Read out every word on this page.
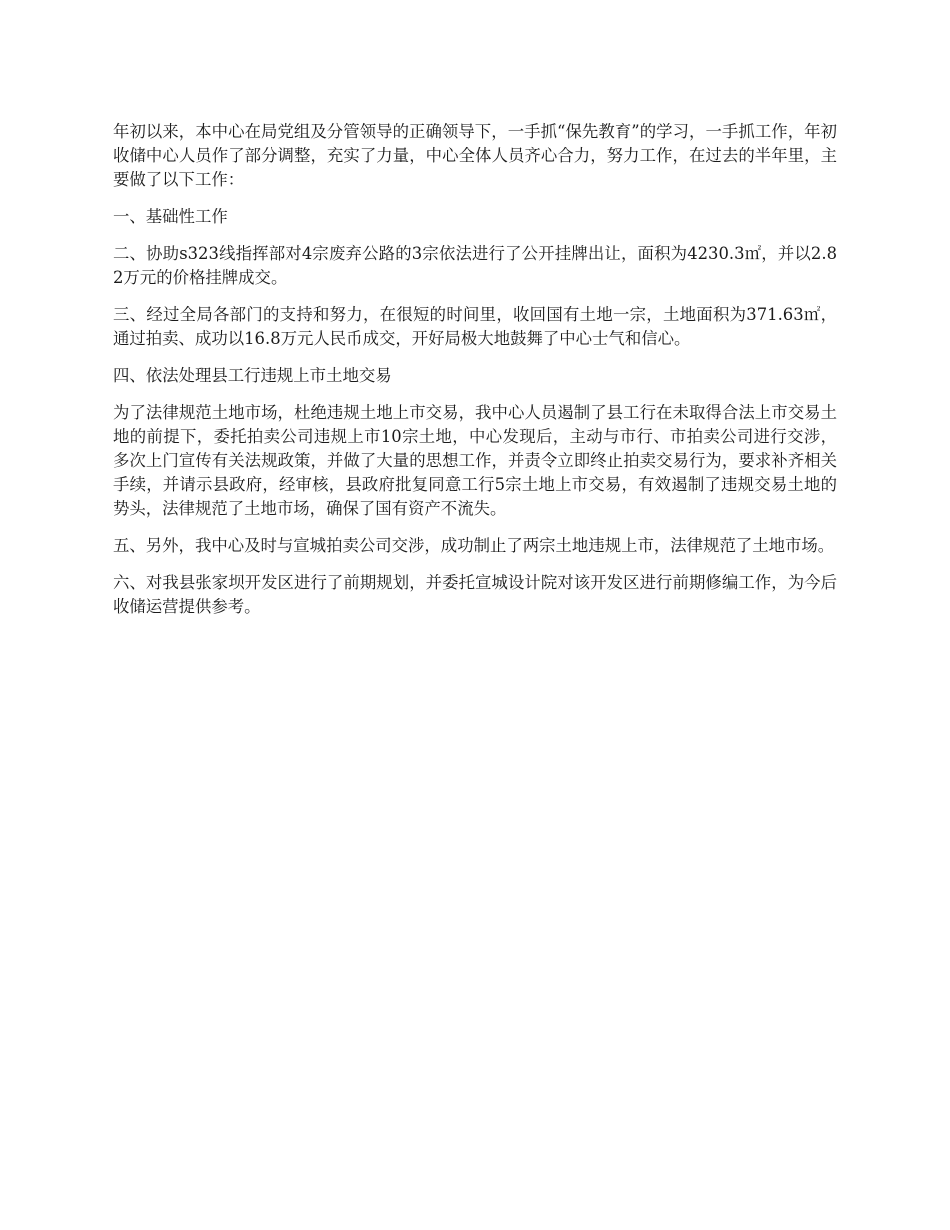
年初以来，本中心在局党组及分管领导的正确领导下，一手抓“保先教育”的学习，一手抓工作，年初收储中心人员作了部分调整，充实了力量，中心全体人员齐心合力，努力工作，在过去的半年里，主要做了以下工作：

一、基础性工作

二、协助s323线指挥部对4宗废弃公路的3宗依法进行了公开挂牌出让，面积为4230.3㎡，并以2.82万元的价格挂牌成交。

三、经过全局各部门的支持和努力，在很短的时间里，收回国有土地一宗，土地面积为371.63㎡，通过拍卖、成功以16.8万元人民币成交，开好局极大地鼓舞了中心士气和信心。

四、依法处理县工行违规上市土地交易

为了法律规范土地市场，杜绝违规土地上市交易，我中心人员遏制了县工行在未取得合法上市交易土地的前提下，委托拍卖公司违规上市10宗土地，中心发现后，主动与市行、市拍卖公司进行交涉，多次上门宣传有关法规政策，并做了大量的思想工作，并责令立即终止拍卖交易行为，要求补齐相关手续，并请示县政府，经审核，县政府批复同意工行5宗土地上市交易，有效遏制了违规交易土地的势头，法律规范了土地市场，确保了国有资产不流失。

五、另外，我中心及时与宣城拍卖公司交涉，成功制止了两宗土地违规上市，法律规范了土地市场。

六、对我县张家坝开发区进行了前期规划，并委托宣城设计院对该开发区进行前期修编工作，为今后收储运营提供参考。
